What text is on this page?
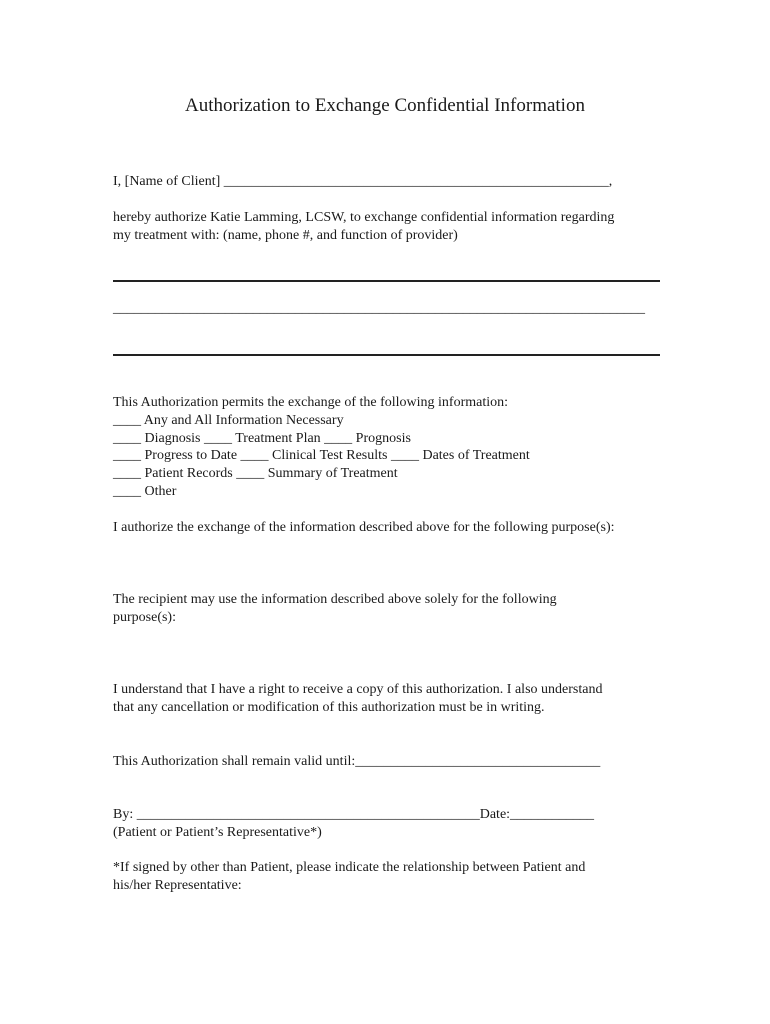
Authorization to Exchange Confidential Information
I, [Name of Client] _______________________________________________________,
hereby authorize Katie Lamming, LCSW, to exchange confidential information regarding
my treatment with: (name, phone #, and function of provider)
____________________________________________________________________________
This Authorization permits the exchange of the following information:
____ Any and All Information Necessary
____ Diagnosis ____ Treatment Plan ____ Prognosis
____ Progress to Date ____ Clinical Test Results ____ Dates of Treatment
____ Patient Records ____ Summary of Treatment
____ Other
I authorize the exchange of the information described above for the following purpose(s):
The recipient may use the information described above solely for the following
purpose(s):
I understand that I have a right to receive a copy of this authorization. I also understand
that any cancellation or modification of this authorization must be in writing.
This Authorization shall remain valid until:___________________________________
By: _________________________________________________Date:____________
(Patient or Patient’s Representative*)
*If signed by other than Patient, please indicate the relationship between Patient and
his/her Representative:
